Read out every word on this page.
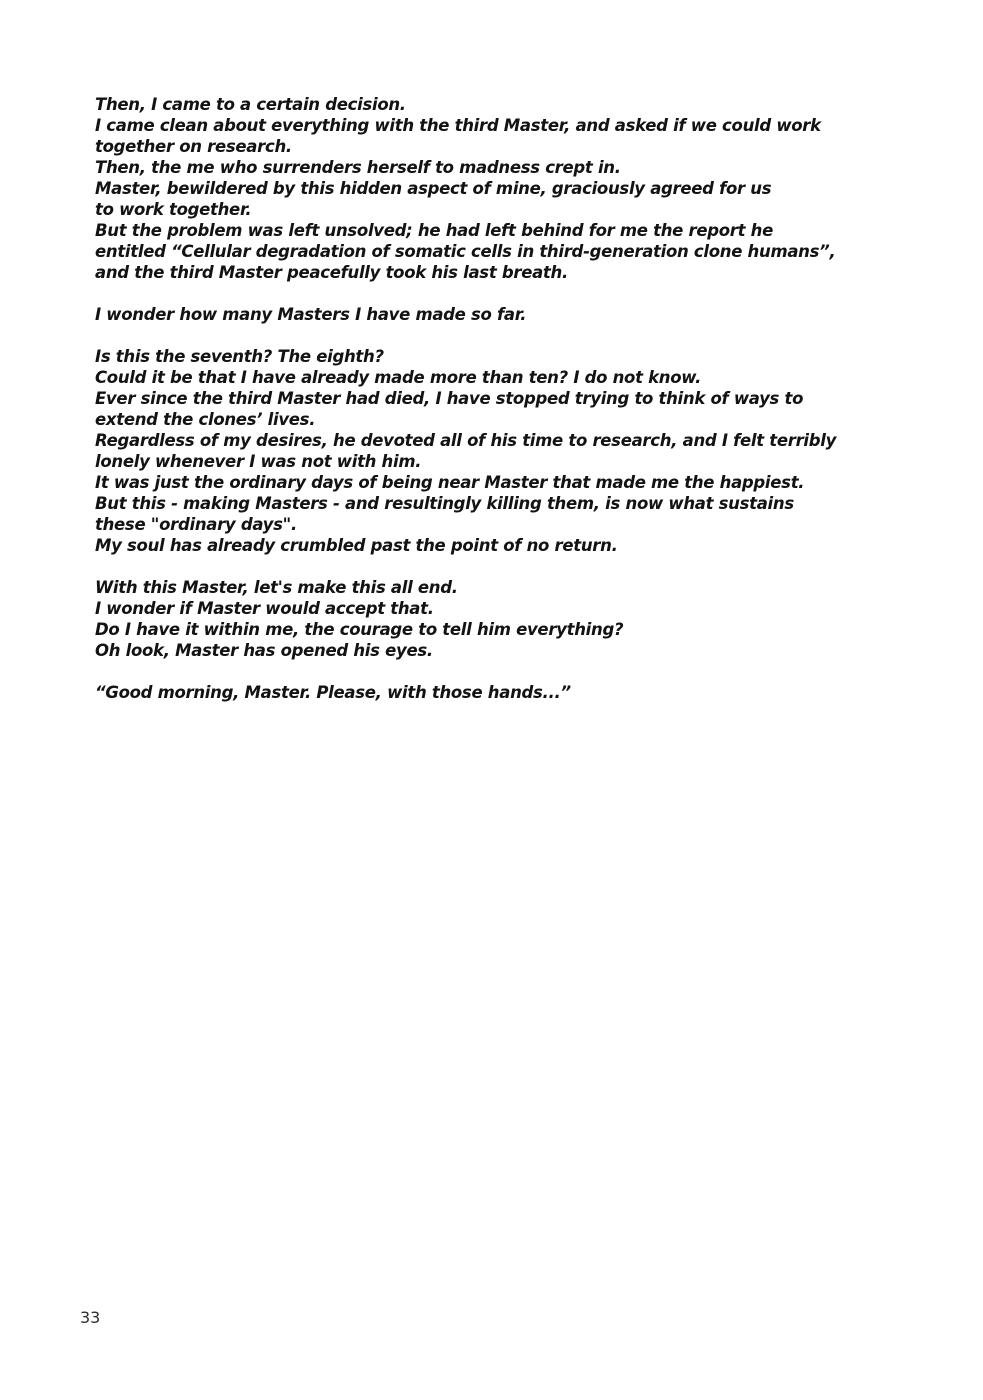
Then, I came to a certain decision.
I came clean about everything with the third Master, and asked if we could work
together on research.
Then, the me who surrenders herself to madness crept in.
Master, bewildered by this hidden aspect of mine, graciously agreed for us
to work together.
But the problem was left unsolved; he had left behind for me the report he
entitled “Cellular degradation of somatic cells in third-generation clone humans”,
and the third Master peacefully took his last breath.
I wonder how many Masters I have made so far.
Is this the seventh? The eighth?
Could it be that I have already made more than ten? I do not know.
Ever since the third Master had died, I have stopped trying to think of ways to
extend the clones’ lives.
Regardless of my desires, he devoted all of his time to research, and I felt terribly
lonely whenever I was not with him.
It was just the ordinary days of being near Master that made me the happiest.
But this - making Masters - and resultingly killing them, is now what sustains
these "ordinary days".
My soul has already crumbled past the point of no return.
With this Master, let's make this all end.
I wonder if Master would accept that.
Do I have it within me, the courage to tell him everything?
Oh look, Master has opened his eyes.
“Good morning, Master. Please, with those hands...”
33
